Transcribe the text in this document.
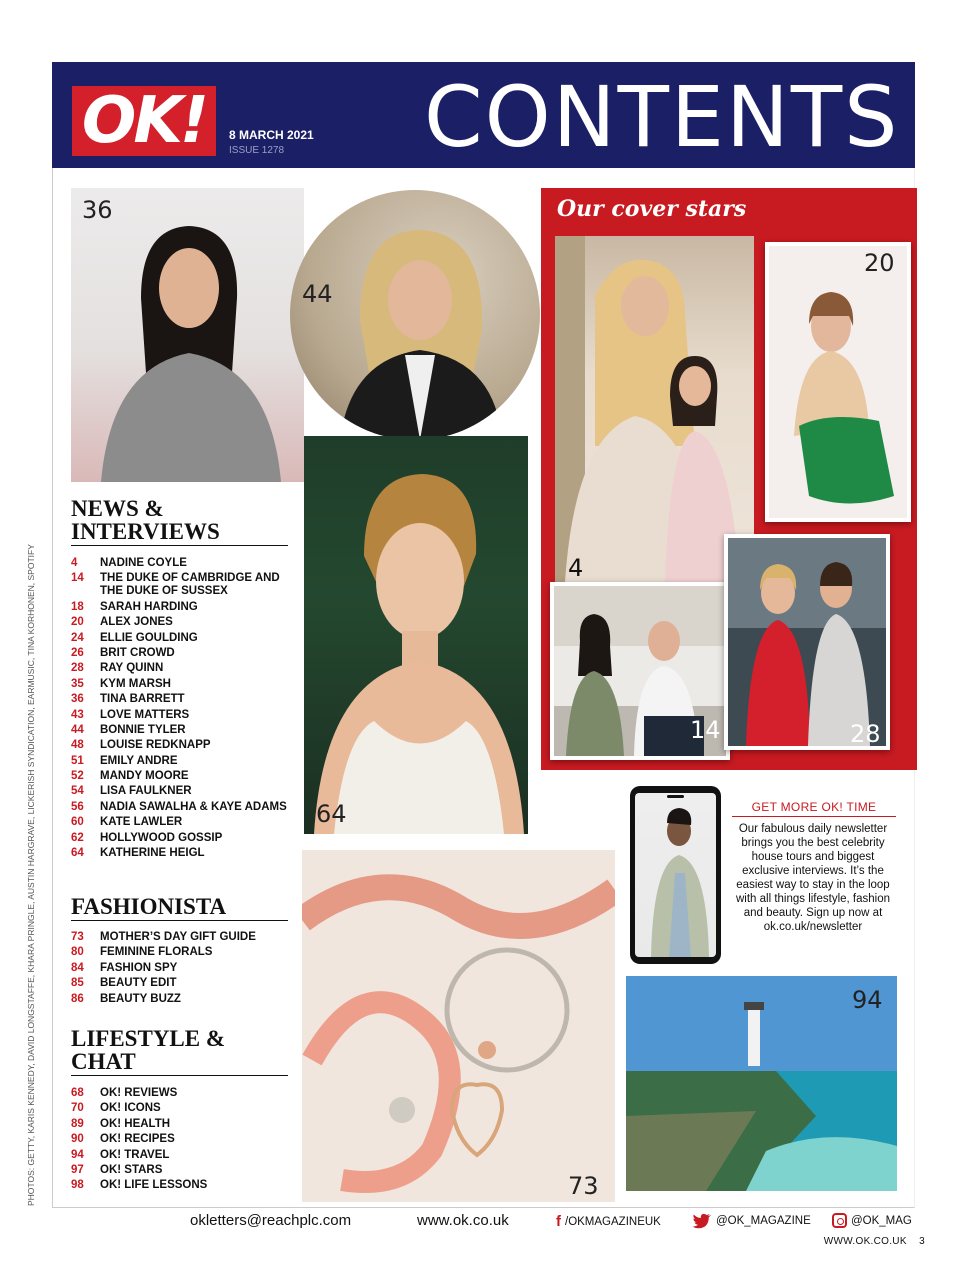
OK!	8 MARCH 2021
ISSUE 1278 CONTENTS
PHOTOS: GETTY, KARIS KENNEDY, DAVID LONGSTAFFE, KHARA PRINGLE, AUSTIN HARGRAVE, LICKERISH SYNDICATION, EARMUSIC, TINA KORHONEN, SPOTIFY
36
44
64
73
94
Our cover stars
4
20
14	28
NEWS & INTERVIEWS
4	NADINE COYLE
14	THE DUKE OF CAMBRIDGE AND THE DUKE OF SUSSEX
18	SARAH HARDING
20	ALEX JONES
24	ELLIE GOULDING
26	BRIT CROWD
28	RAY QUINN
35	KYM MARSH
36	TINA BARRETT
43	LOVE MATTERS
44	BONNIE TYLER
48	LOUISE REDKNAPP
51	EMILY ANDRE
52	MANDY MOORE
54	LISA FAULKNER
56	NADIA SAWALHA & KAYE ADAMS
60	KATE LAWLER
62	HOLLYWOOD GOSSIP
64	KATHERINE HEIGL
FASHIONISTA
73	MOTHER’S DAY GIFT GUIDE
80	FEMININE FLORALS
84	FASHION SPY
85	BEAUTY EDIT
86	BEAUTY BUZZ
LIFESTYLE & CHAT
68	OK! REVIEWS
70	OK! ICONS
89	OK! HEALTH
90	OK! RECIPES
94	OK! TRAVEL
97	OK! STARS
98	OK! LIFE LESSONS
GET MORE OK! TIME
Our fabulous daily newsletter brings you the best celebrity house tours and biggest exclusive interviews. It’s the easiest way to stay in the loop with all things lifestyle, fashion and beauty. Sign up now at ok.co.uk/newsletter
okletters@reachplc.com	www.ok.co.uk	f /OKMAGAZINEUK	@OK_MAGAZINE	@OK_MAG
WWW.OK.CO.UK 3
